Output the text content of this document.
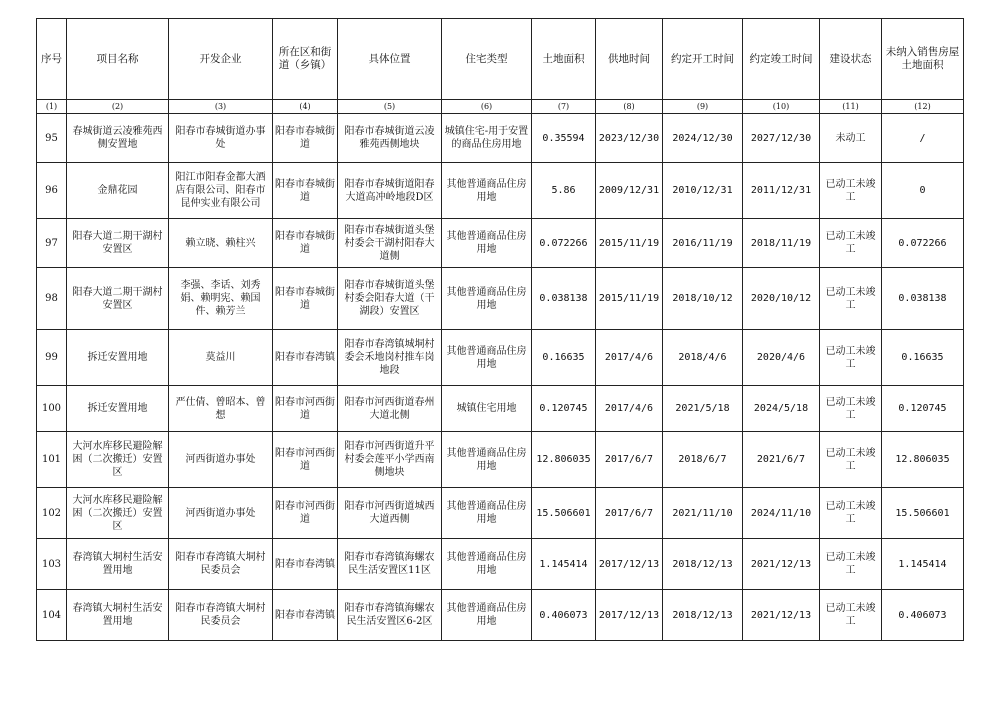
序号	项目名称	开发企业	所在区和街道（乡镇）	具体位置	住宅类型	土地面积	供地时间	约定开工时间	约定竣工时间	建设状态	未纳入销售房屋土地面积
(1)	(2)	(3)	(4)	(5)	(6)	(7)	(8)	(9)	(10)	(11)	(12)
95	春城街道云凌雅苑西侧安置地	阳春市春城街道办事处	阳春市春城街道	阳春市春城街道云凌雅苑西侧地块	城镇住宅-用于安置的商品住房用地	0.35594	2023/12/30	2024/12/30	2027/12/30	未动工	/
96	金鼎花园	阳江市阳春金都大酒店有限公司、阳春市昆仲实业有限公司	阳春市春城街道	阳春市春城街道阳春大道高冲岭地段D区	其他普通商品住房用地	5.86	2009/12/31	2010/12/31	2011/12/31	已动工未竣工	0
97	阳春大道二期干湖村安置区	赖立晓、赖柱兴	阳春市春城街道	阳春市春城街道头堡村委会干湖村阳春大道侧	其他普通商品住房用地	0.072266	2015/11/19	2016/11/19	2018/11/19	已动工未竣工	0.072266
98	阳春大道二期干湖村安置区	李强、李话、刘秀娟、赖明宪、赖国件、赖芳兰	阳春市春城街道	阳春市春城街道头堡村委会阳春大道（干湖段）安置区	其他普通商品住房用地	0.038138	2015/11/19	2018/10/12	2020/10/12	已动工未竣工	0.038138
99	拆迁安置用地	莫益川	阳春市春湾镇	阳春市春湾镇城垌村委会禾地岗村推车岗地段	其他普通商品住房用地	0.16635	2017/4/6	2018/4/6	2020/4/6	已动工未竣工	0.16635
100	拆迁安置用地	严仕倩、曾昭本、曾想	阳春市河西街道	阳春市河西街道春州大道北侧	城镇住宅用地	0.120745	2017/4/6	2021/5/18	2024/5/18	已动工未竣工	0.120745
101	大河水库移民避险解困（二次搬迁）安置区	河西街道办事处	阳春市河西街道	阳春市河西街道升平村委会莲平小学西南侧地块	其他普通商品住房用地	12.806035	2017/6/7	2018/6/7	2021/6/7	已动工未竣工	12.806035
102	大河水库移民避险解困（二次搬迁）安置区	河西街道办事处	阳春市河西街道	阳春市河西街道城西大道西侧	其他普通商品住房用地	15.506601	2017/6/7	2021/11/10	2024/11/10	已动工未竣工	15.506601
103	春湾镇大垌村生活安置用地	阳春市春湾镇大垌村民委员会	阳春市春湾镇	阳春市春湾镇海螺农民生活安置区11区	其他普通商品住房用地	1.145414	2017/12/13	2018/12/13	2021/12/13	已动工未竣工	1.145414
104	春湾镇大垌村生活安置用地	阳春市春湾镇大垌村民委员会	阳春市春湾镇	阳春市春湾镇海螺农民生活安置区6-2区	其他普通商品住房用地	0.406073	2017/12/13	2018/12/13	2021/12/13	已动工未竣工	0.406073
